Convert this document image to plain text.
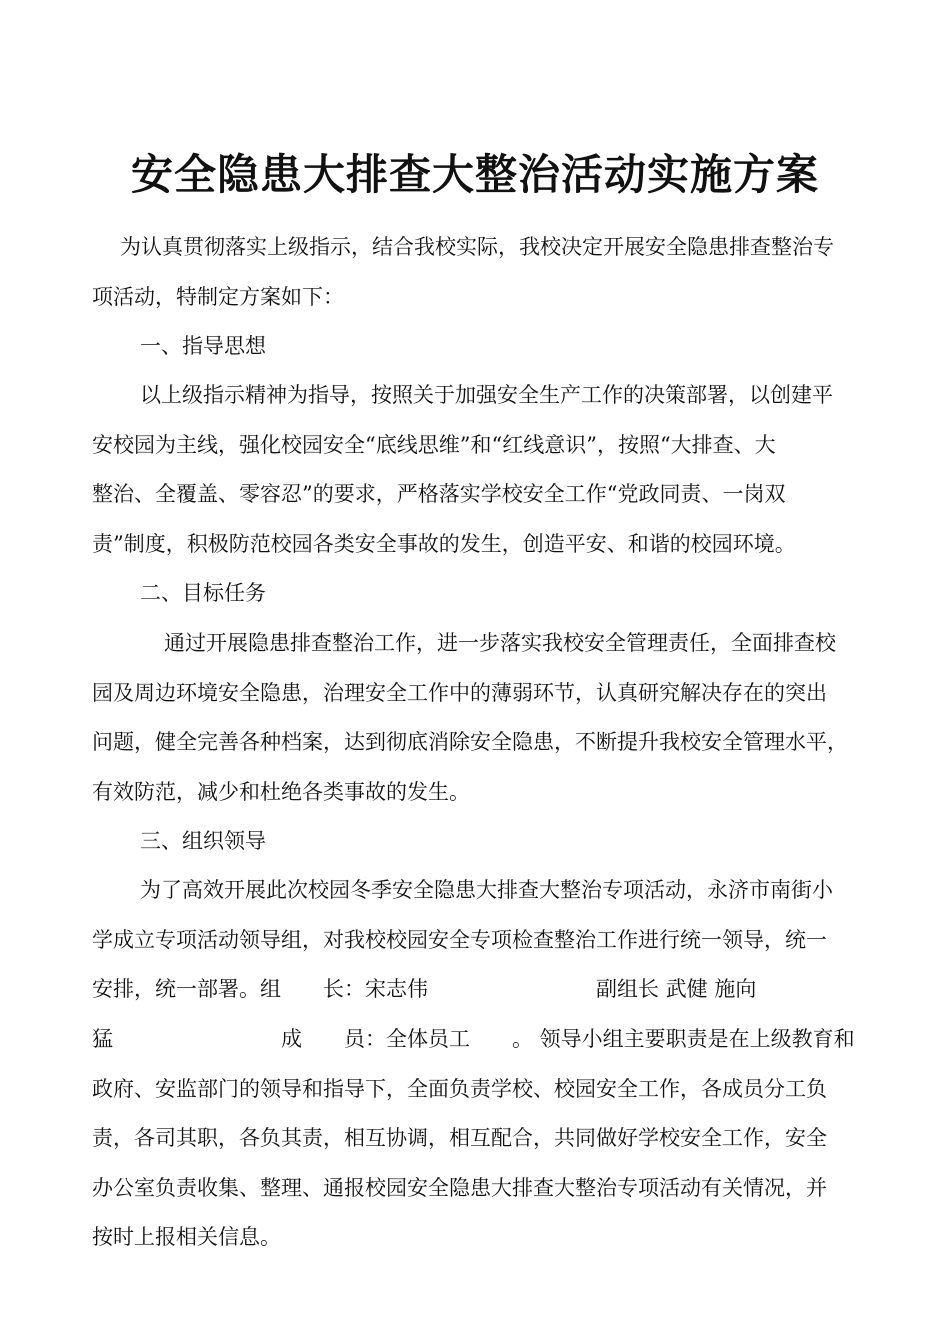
安全隐患大排查大整治活动实施方案
为认真贯彻落实上级指示，结合我校实际，我校决定开展安全隐患排查整治专
项活动，特制定方案如下：
一、指导思想
以上级指示精神为指导，按照关于加强安全生产工作的决策部署，以创建平
安校园为主线，强化校园安全“底线思维”和“红线意识”，按照“大排查、大
整治、全覆盖、零容忍”的要求，严格落实学校安全工作“党政同责、一岗双
责”制度，积极防范校园各类安全事故的发生，创造平安、和谐的校园环境。
二、目标任务
通过开展隐患排查整治工作，进一步落实我校安全管理责任，全面排查校
园及周边环境安全隐患，治理安全工作中的薄弱环节，认真研究解决存在的突出
问题，健全完善各种档案，达到彻底消除安全隐患，不断提升我校安全管理水平，
有效防范，减少和杜绝各类事故的发生。
三、组织领导
为了高效开展此次校园冬季安全隐患大排查大整治专项活动，永济市南街小
学成立专项活动领导组，对我校校园安全专项检查整治工作进行统一领导，统一
安排，统一部署。组　　长：宋志伟　　　　　　　　副组长 武健 施向
猛　　　　　　　　成　　员：全体员工　　。 领导小组主要职责是在上级教育和
政府、安监部门的领导和指导下，全面负责学校、校园安全工作，各成员分工负
责，各司其职，各负其责，相互协调，相互配合，共同做好学校安全工作，安全
办公室负责收集、整理、通报校园安全隐患大排查大整治专项活动有关情况，并
按时上报相关信息。
